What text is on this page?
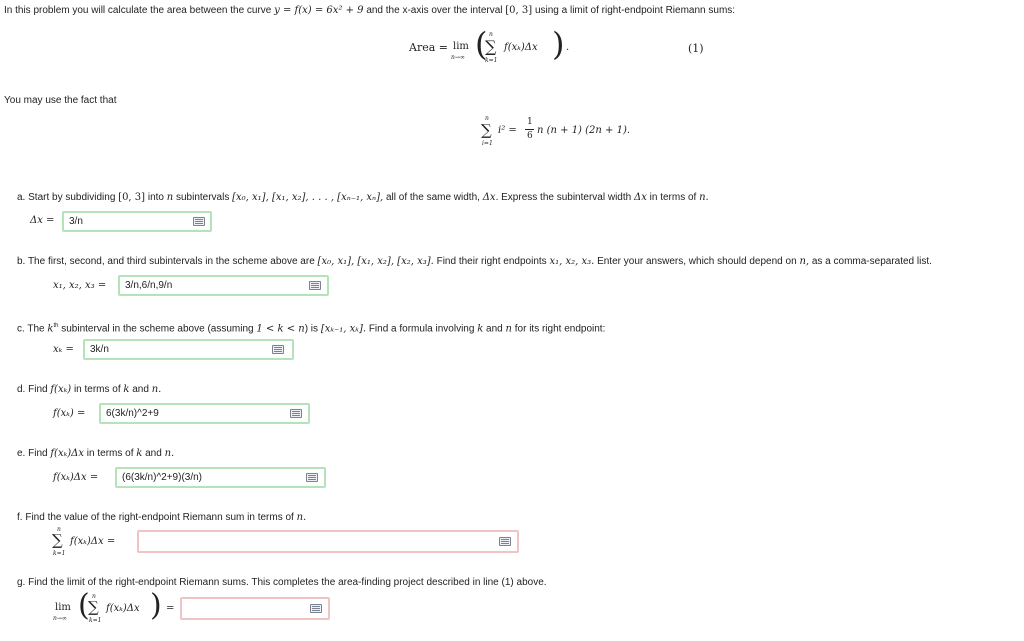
In this problem you will calculate the area between the curve y = f(x) = 6x² + 9 and the x-axis over the interval [0, 3] using a limit of right-endpoint Riemann sums:
Area = lim
n→∞ ( n
∑
k=1
f(xₖ)Δx ) .	(1)
You may use the fact that
n
∑
i=1
i² =
1
6 n (n + 1) (2n + 1).
a. Start by subdividing [0, 3] into n subintervals [x₀, x₁], [x₁, x₂], . . . , [xₙ₋₁, xₙ], all of the same width, Δx. Express the subinterval width Δx in terms of n.
Δx =
3/n
b. The first, second, and third subintervals in the scheme above are [x₀, x₁], [x₁, x₂], [x₂, x₃]. Find their right endpoints x₁, x₂, x₃. Enter your answers, which should depend on n, as a comma-separated list.
x₁, x₂, x₃ =
3/n,6/n,9/n
c. The $k^{th}$ subinterval in the scheme above (assuming 1 < k < n) is [xₖ₋₁, xₖ]. Find a formula involving k and n for its right endpoint:
xₖ =
3k/n
d. Find f(xₖ) in terms of k and n.
f(xₖ) =
6(3k/n)^2+9
e. Find f(xₖ)Δx in terms of k and n.
f(xₖ)Δx =
(6(3k/n)^2+9)(3/n)
f. Find the value of the right-endpoint Riemann sum in terms of n.
n
∑
k=1
f(xₖ)Δx =
g. Find the limit of the right-endpoint Riemann sums. This completes the area-finding project described in line (1) above.
lim
n→∞ ( n
∑
k=1
f(xₖ)Δx ) =
